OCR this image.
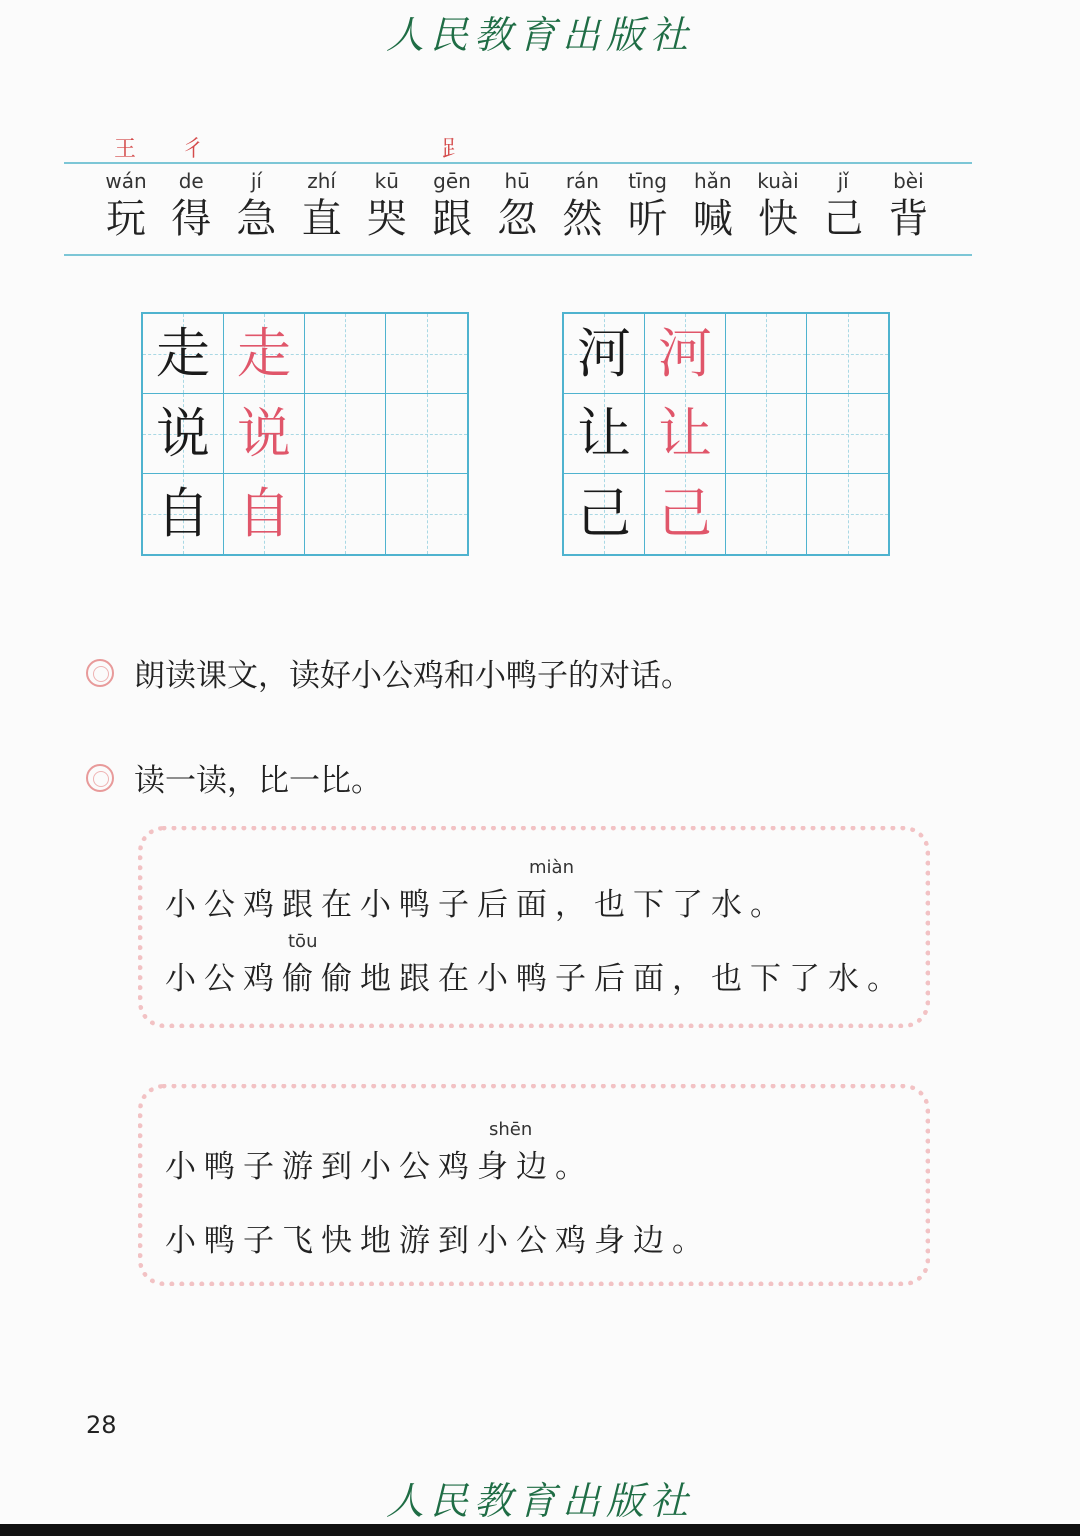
人民教育出版社
王 彳	𧾷
wán
玩
de
得
jí
急
zhí
直
kū
哭
gēn
跟
hū
忽
rán
然
tīng
听
hǎn
喊
kuài
快
jǐ
己
bèi
背
走 走
说 说
自 自
河 河
让 让
己 己
朗读课文，读好小公鸡和小鸭子的对话。
读一读，比一比。
miàn
小公鸡跟在小鸭子后面，也下了水。
tōu
小公鸡偷偷地跟在小鸭子后面，也下了水。
shēn
小鸭子游到小公鸡身边。
小鸭子飞快地游到小公鸡身边。
28
人民教育出版社
